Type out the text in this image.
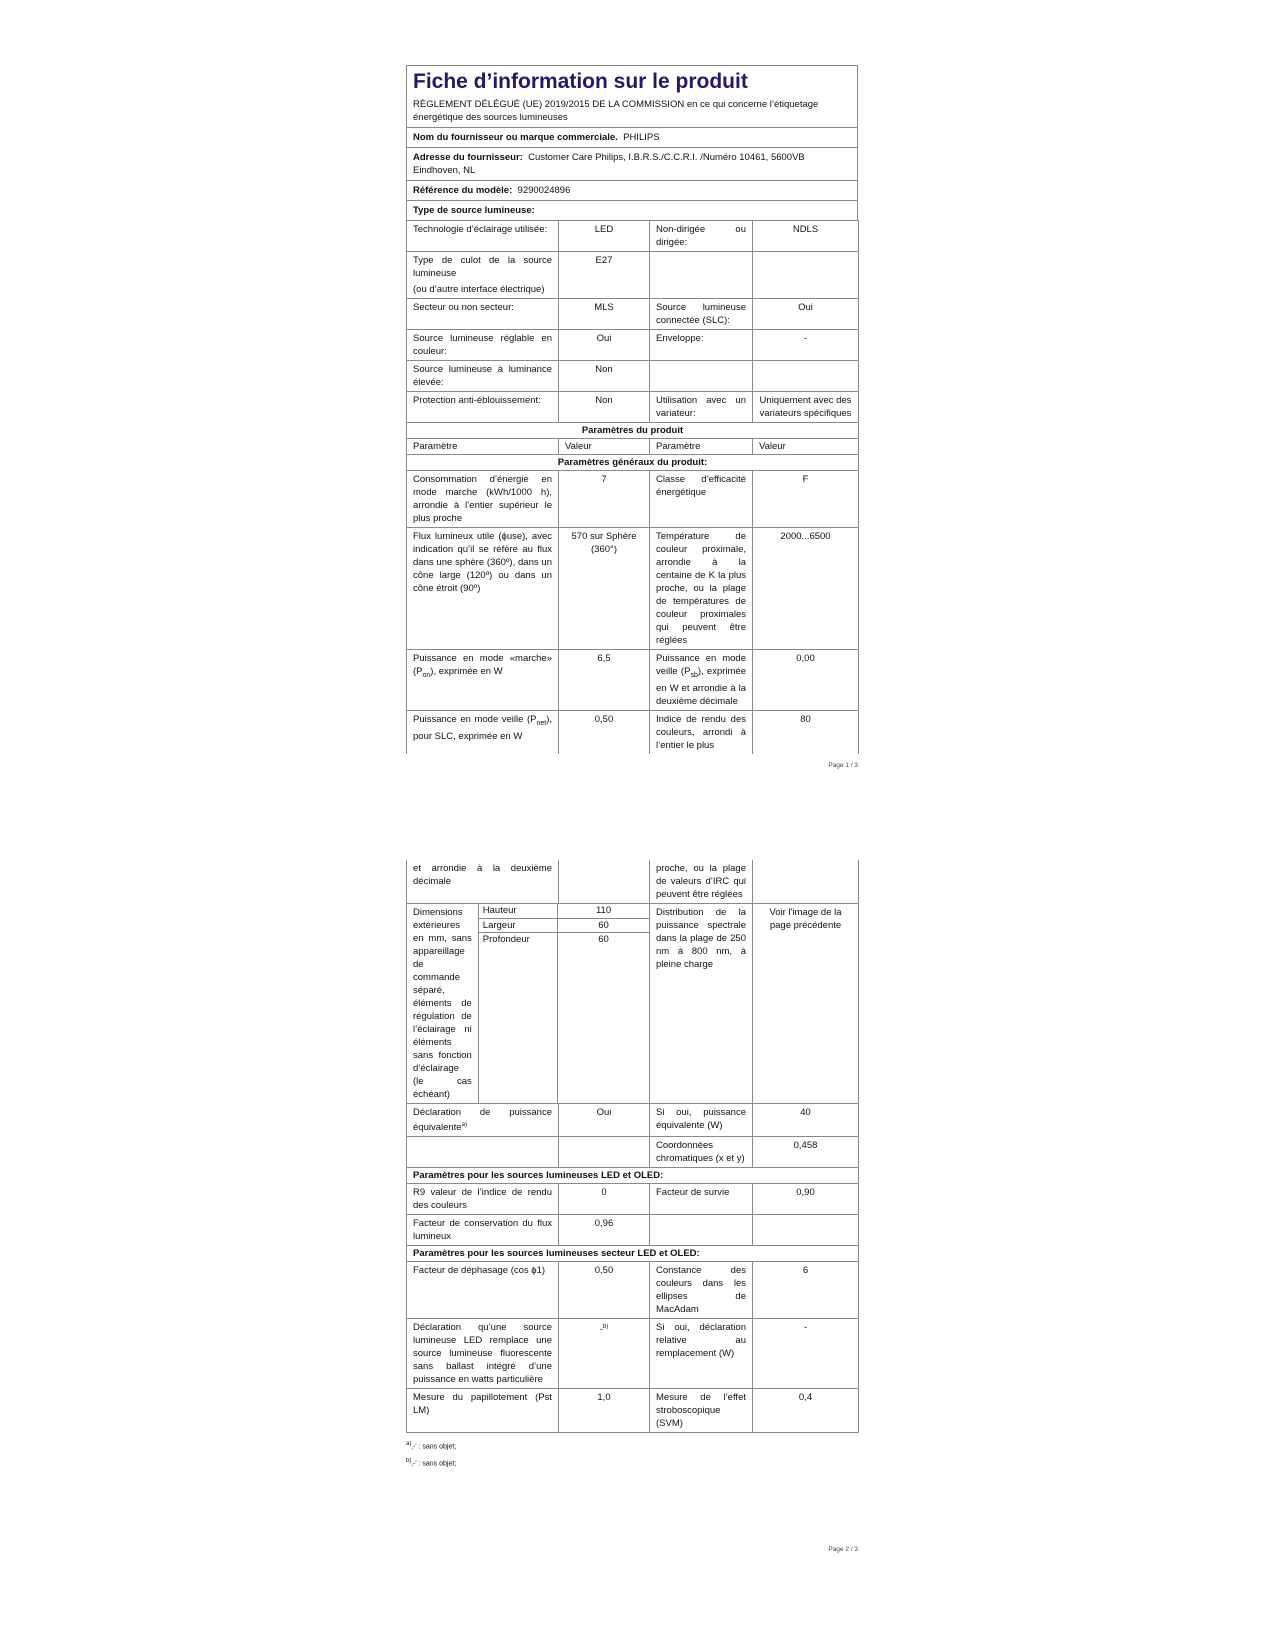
Fiche d’information sur le produit
RÈGLEMENT DÉLÉGUÉ (UE) 2019/2015 DE LA COMMISSION en ce qui concerne l’étiquetage énergétique des sources lumineuses
Nom du fournisseur ou marque commerciale. PHILIPS
Adresse du fournisseur: Customer Care Philips, I.B.R.S./C.C.R.I. /Numéro 10461, 5600VB Eindhoven, NL
Référence du modèle: 9290024896
Type de source lumineuse:
Technologie d’éclairage utilisée:	LED	Non-dirigée ou dirigée:	NDLS

Type de culot de la source lumineuse
(ou d’autre interface électrique)	E27		
Secteur ou non secteur:	MLS	Source lumineuse connectée (SLC):	Oui
Source lumineuse réglable en couleur:	Oui	Enveloppe:	-
Source lumineuse à luminance élevée:	Non		
Protection anti-éblouissement:	Non	Utilisation avec un variateur:	Uniquement avec des variateurs spécifiques
Paramètres du produit			
Paramètre	Valeur	Paramètre	Valeur
Paramètres généraux du produit:			
Consommation d’énergie en mode marche (kWh/1000 h), arrondie à l’entier supérieur le plus proche	7	Classe d’efficacité énergétique	F
Flux lumineux utile (ϕuse), avec indication qu’il se réfère au flux dans une sphère (360º), dans un cône large (120º) ou dans un cône étroit (90º)	570 sur Sphère (360°)	Température de couleur proximale, arrondie à la centaine de K la plus proche, ou la plage de températures de couleur proximales qui peuvent être réglées	2000...6500
Puissance en mode «marche» $(P_{on})$, exprimée en W	6,5	Puissance en mode veille $(P_{sb})$, exprimée en W et arrondie à la deuxième décimale	0,00
Puissance en mode veille $(P_{net})$, pour SLC, exprimée en W	0,50	Indice de rendu des couleurs, arrondi à l’entier le plus	80
Page 1 / 3
et arrondie à la deuxième décimale		proche, ou la plage de valeurs d’IRC qui peuvent être réglées	

Dimensions extérieures en mm, sans appareillage de commande séparé, éléments de régulation de l’éclairage ni éléments sans fonction d’éclairage (le cas échéant)	Hauteur	110
Largeur	60
Profondeur	60
	Distribution de la puissance spectrale dans la plage de 250 nm à 800 nm, à pleine charge	Voir l'image de la page précédente
Déclaration de puissance équivalente$^{a)}$	Oui	Si oui, puissance équivalente (W)	40
		Coordonnées chromatiques (x et y)	0,458
Paramètres pour les sources lumineuses LED et OLED:
R9 valeur de l’indice de rendu des couleurs	0	Facteur de survie	0,90
Facteur de conservation du flux lumineux	0,96		
Paramètres pour les sources lumineuses secteur LED et OLED:
Facteur de déphasage (cos ϕ1)	0,50	Constance des couleurs dans les ellipses de MacAdam	6
Déclaration qu’une source lumineuse LED remplace une source lumineuse fluorescente sans ballast intégré d’une puissance en watts particulière	-$^{b)}$	Si oui, déclaration relative au remplacement (W)	-
Mesure du papillotement (Pst LM)	1,0	Mesure de l’effet stroboscopique (SVM)	0,4
$^{a)}$‚-' : sans objet;
$^{b)}$‚-' : sans objet;
Page 2 / 3
